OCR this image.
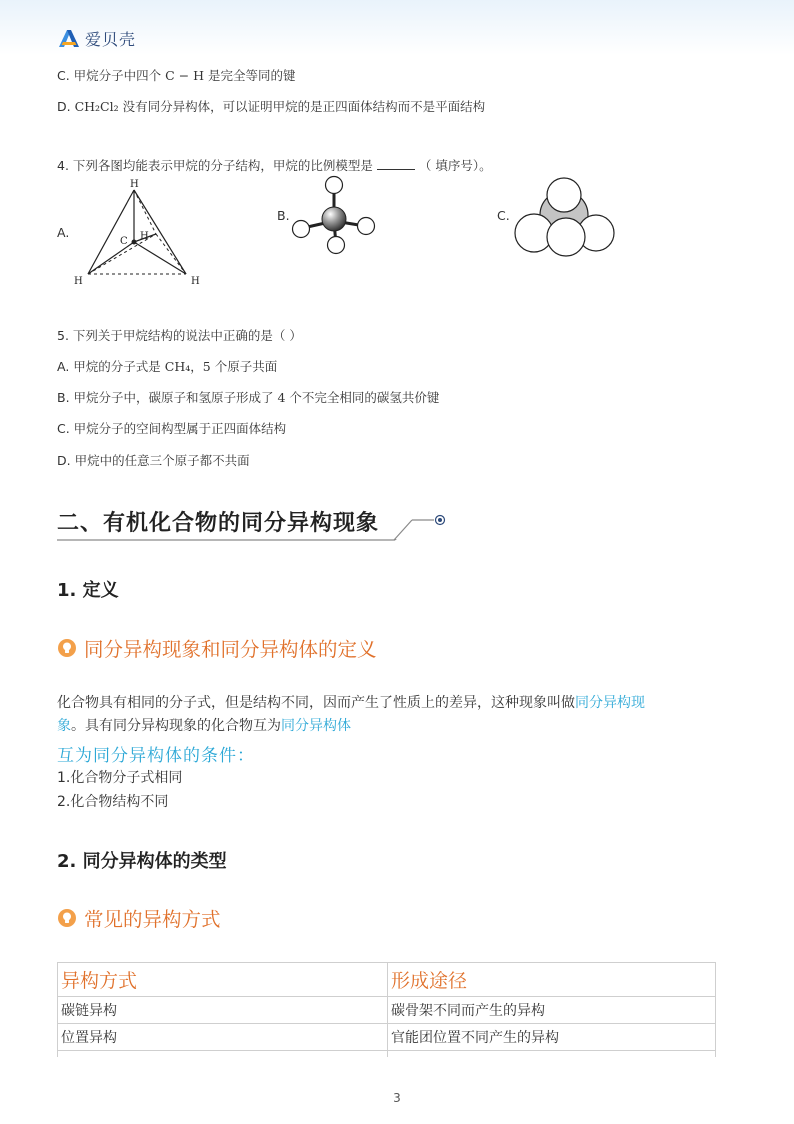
爱贝壳
C. 甲烷分子中四个 C − H 是完全等同的键
D. CH₂Cl₂ 没有同分异构体，可以证明甲烷的是正四面体结构而不是平面结构
4. 下列各图均能表示甲烷的分子结构，甲烷的比例模型是	（ 填序号）。
A.
H
C H
H	H
B.	C.
5. 下列关于甲烷结构的说法中正确的是（ ）
A. 甲烷的分子式是 CH₄，5 个原子共面
B. 甲烷分子中，碳原子和氢原子形成了 4 个不完全相同的碳氢共价键
C. 甲烷分子的空间构型属于正四面体结构
D. 甲烷中的任意三个原子都不共面
二、有机化合物的同分异构现象
1. 定义
同分异构现象和同分异构体的定义
化合物具有相同的分子式，但是结构不同，因而产生了性质上的差异，这种现象叫做同分异构现
象。具有同分异构现象的化合物互为同分异构体
互为同分异构体的条件：
1.化合物分子式相同
2.化合物结构不同
2. 同分异构体的类型
常见的异构方式
异构方式	形成途径
碳链异构	碳骨架不同而产生的异构
位置异构	官能团位置不同产生的异构

3
